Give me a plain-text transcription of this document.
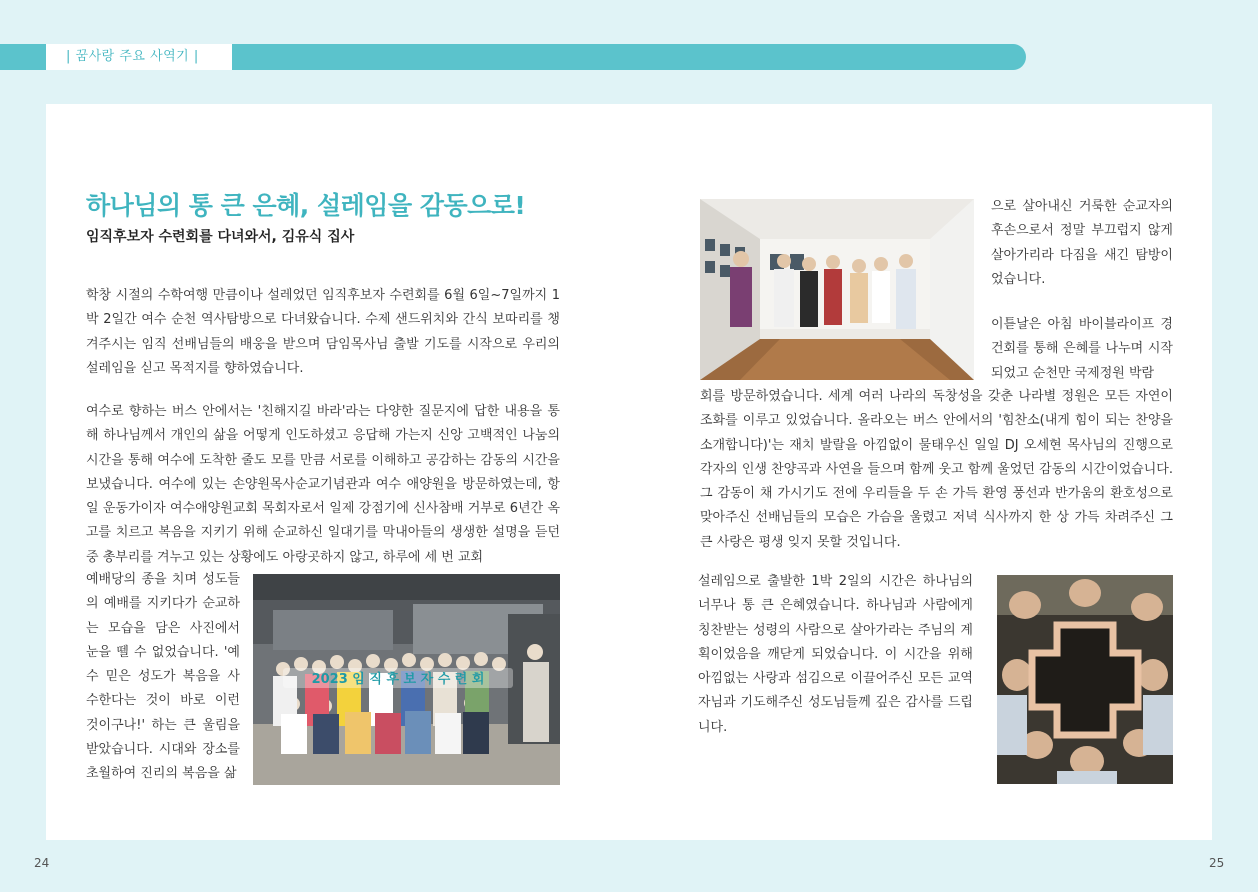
| 꿈사랑 주요 사역기 |
하나님의 통 큰 은혜, 설레임을 감동으로!
임직후보자 수련회를 다녀와서, 김유식 집사

학창 시절의 수학여행 만큼이나 설레었던 임직후보자 수련회를 6월 6일~7일까지 1박 2일간 여수 순천 역사탐방으로 다녀왔습니다. 수제 샌드위치와 간식 보따리를 챙겨주시는 임직 선배님들의 배웅을 받으며 담임목사님 출발 기도를 시작으로 우리의 설레임을 싣고 목적지를 향하였습니다.

여수로 향하는 버스 안에서는 '친해지길 바라'라는 다양한 질문지에 답한 내용을 통해 하나님께서 개인의 삶을 어떻게 인도하셨고 응답해 가는지 신앙 고백적인 나눔의 시간을 통해 여수에 도착한 줄도 모를 만큼 서로를 이해하고 공감하는 감동의 시간을 보냈습니다. 여수에 있는 손양원목사순교기념관과 여수 애양원을 방문하였는데, 항일 운동가이자 여수애양원교회 목회자로서 일제 강점기에 신사참배 거부로 6년간 옥고를 치르고 복음을 지키기 위해 순교하신 일대기를 막내아들의 생생한 설명을 듣던 중 총부리를 겨누고 있는 상황에도 아랑곳하지 않고, 하루에 세 번 교회

예배당의 종을 치며 성도들의 예배를 지키다가 순교하는 모습을 담은 사진에서 눈을 뗄 수 없었습니다. '예수 믿은 성도가 복음을 사수한다는 것이 바로 이런 것이구나!' 하는 큰 울림을 받았습니다. 시대와 장소를 초월하여 진리의 복음을 삶

2023 임 직 후 보 자 수 련 회

으로 살아내신 거룩한 순교자의 후손으로서 정말 부끄럽지 않게 살아가리라 다짐을 새긴 탐방이었습니다.

이튿날은 아침 바이블라이프 경건회를 통해 은혜를 나누며 시작되었고 순천만 국제정원 박람

회를 방문하였습니다. 세계 여러 나라의 독창성을 갖춘 나라별 정원은 모든 자연이 조화를 이루고 있었습니다. 올라오는 버스 안에서의 '힘찬소(내게 힘이 되는 찬양을 소개합니다)'는 재치 발랄을 아낌없이 물태우신 일일 DJ 오세현 목사님의 진행으로 각자의 인생 찬양곡과 사연을 들으며 함께 웃고 함께 울었던 감동의 시간이었습니다. 그 감동이 채 가시기도 전에 우리들을 두 손 가득 환영 풍선과 반가움의 환호성으로 맞아주신 선배님들의 모습은 가슴을 울렸고 저녁 식사까지 한 상 가득 차려주신 그 큰 사랑은 평생 잊지 못할 것입니다.

설레임으로 출발한 1박 2일의 시간은 하나님의 너무나 통 큰 은혜였습니다. 하나님과 사람에게 칭찬받는 성령의 사람으로 살아가라는 주님의 계획이었음을 깨닫게 되었습니다. 이 시간을 위해 아낌없는 사랑과 섬김으로 이끌어주신 모든 교역자님과 기도해주신 성도님들께 깊은 감사를 드립니다.

24	25
